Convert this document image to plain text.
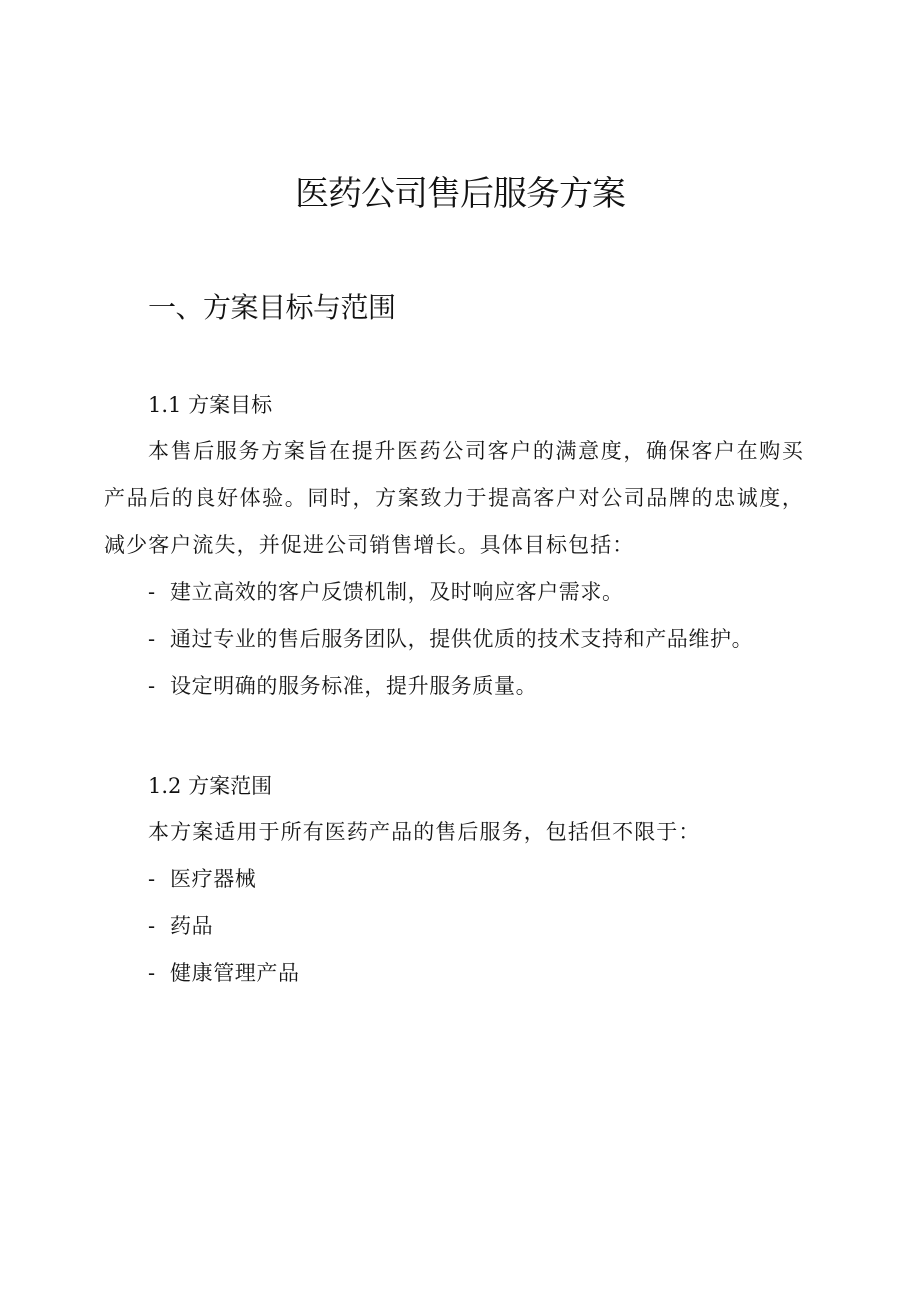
医药公司售后服务方案
一、方案目标与范围
1.1 方案目标

本售后服务方案旨在提升医药公司客户的满意度，确保客户在购买产品后的良好体验。同时，方案致力于提高客户对公司品牌的忠诚度，减少客户流失，并促进公司销售增长。具体目标包括：

- 建立高效的客户反馈机制，及时响应客户需求。
- 通过专业的售后服务团队，提供优质的技术支持和产品维护。
- 设定明确的服务标准，提升服务质量。
1.2 方案范围

本方案适用于所有医药产品的售后服务，包括但不限于：

- 医疗器械
- 药品
- 健康管理产品
